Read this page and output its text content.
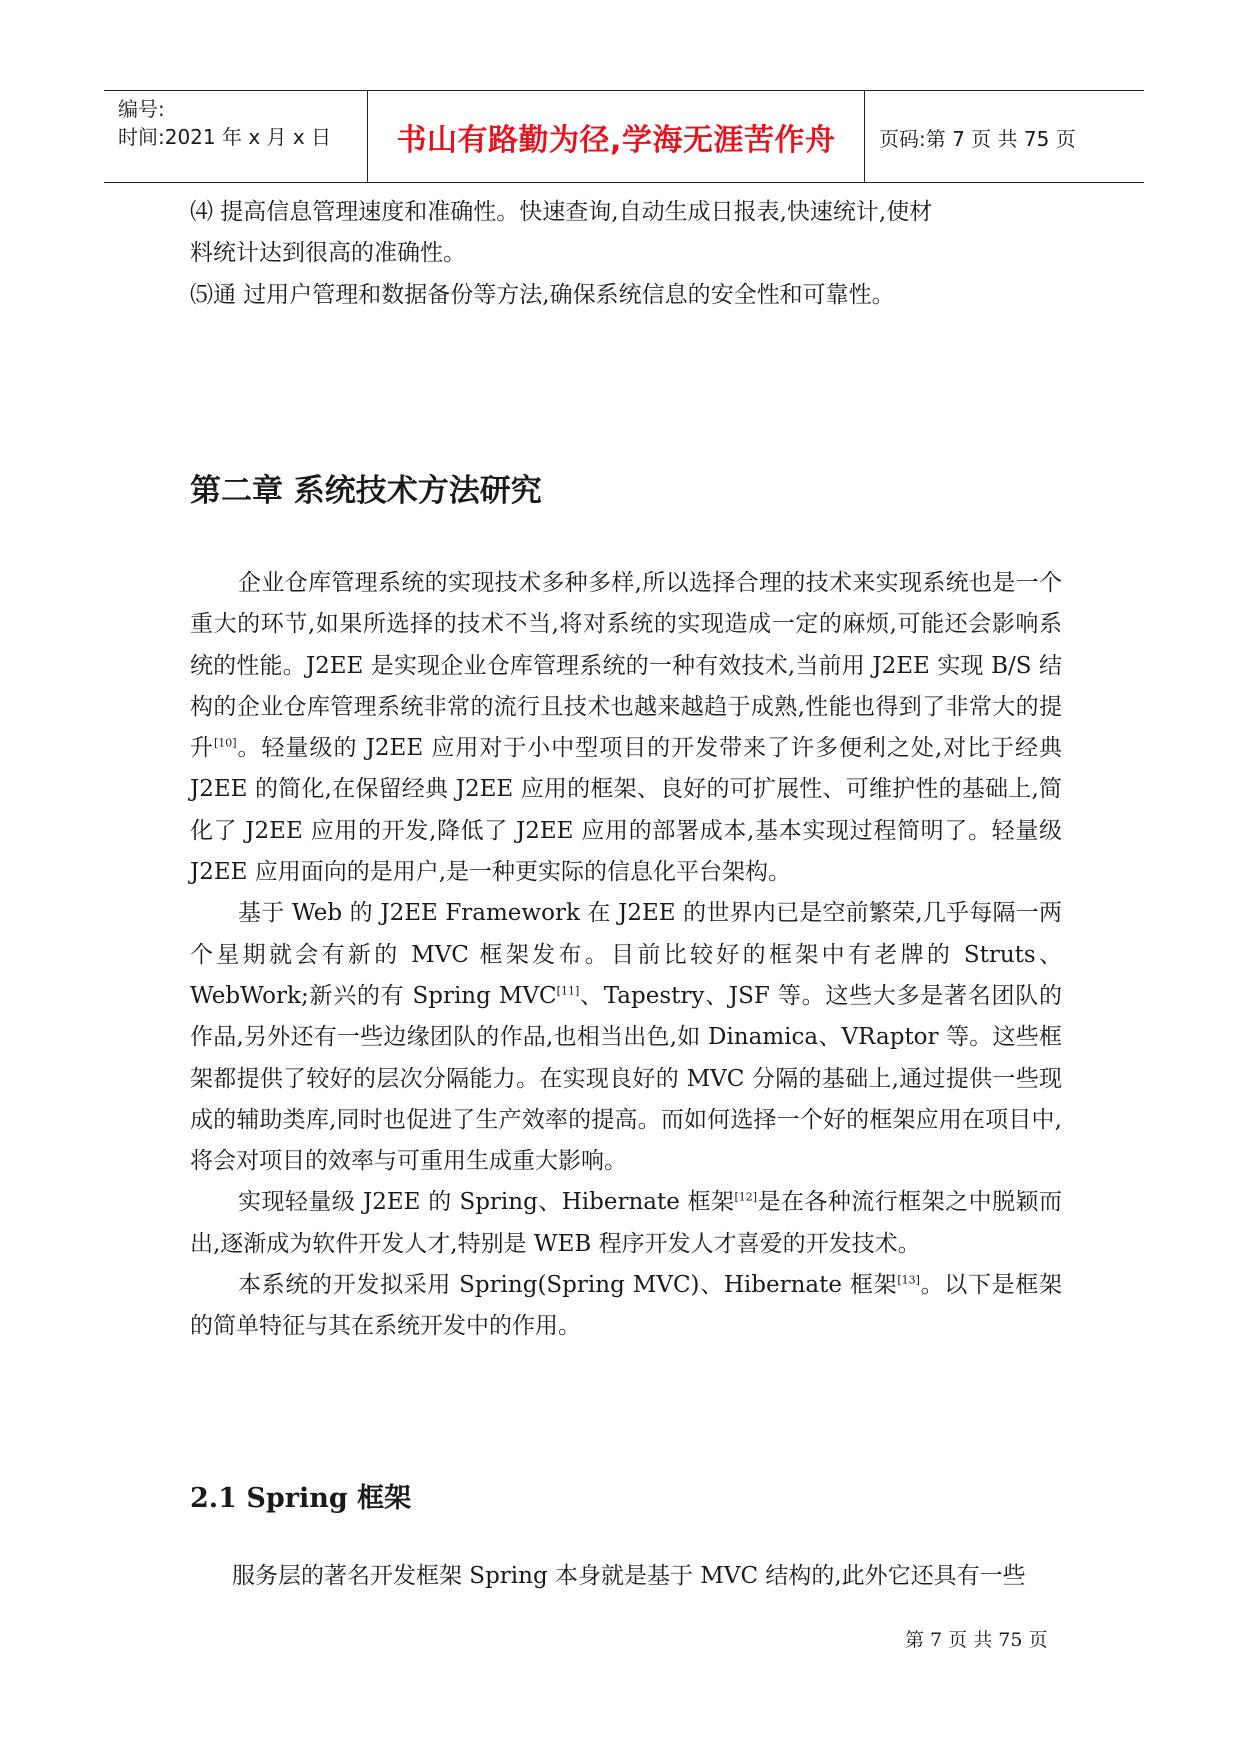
编号:
时间:2021 年 x 月 x 日	书山有路勤为径,学海无涯苦作舟	页码:第 7 页 共 75 页

⑷ 提高信息管理速度和准确性。快速查询,自动生成日报表,快速统计,使材

料统计达到很高的准确性。

⑸通 过用户管理和数据备份等方法,确保系统信息的安全性和可靠性。

第二章 系统技术方法研究

企业仓库管理系统的实现技术多种多样,所以选择合理的技术来实现系统也是一个重大的环节,如果所选择的技术不当,将对系统的实现造成一定的麻烦,可能还会影响系统的性能。J2EE 是实现企业仓库管理系统的一种有效技术,当前用 J2EE 实现 B/S 结构的企业仓库管理系统非常的流行且技术也越来越趋于成熟,性能也得到了非常大的提升[10]。轻量级的 J2EE 应用对于小中型项目的开发带来了许多便利之处,对比于经典 J2EE 的简化,在保留经典 J2EE 应用的框架、良好的可扩展性、可维护性的基础上,简化了 J2EE 应用的开发,降低了 J2EE 应用的部署成本,基本实现过程简明了。轻量级 J2EE 应用面向的是用户,是一种更实际的信息化平台架构。

基于 Web 的 J2EE Framework 在 J2EE 的世界内已是空前繁荣,几乎每隔一两个星期就会有新的 MVC 框架发布。目前比较好的框架中有老牌的 Struts、WebWork;新兴的有 Spring MVC[11]、Tapestry、JSF 等。这些大多是著名团队的作品,另外还有一些边缘团队的作品,也相当出色,如 Dinamica、VRaptor 等。这些框架都提供了较好的层次分隔能力。在实现良好的 MVC 分隔的基础上,通过提供一些现成的辅助类库,同时也促进了生产效率的提高。而如何选择一个好的框架应用在项目中,将会对项目的效率与可重用生成重大影响。

实现轻量级 J2EE 的 Spring、Hibernate 框架[12]是在各种流行框架之中脱颖而出,逐渐成为软件开发人才,特别是 WEB 程序开发人才喜爱的开发技术。

本系统的开发拟采用 Spring(Spring MVC)、Hibernate 框架[13]。以下是框架的简单特征与其在系统开发中的作用。

2.1 Spring 框架

服务层的著名开发框架 Spring 本身就是基于 MVC 结构的,此外它还具有一些

第 7 页 共 75 页
